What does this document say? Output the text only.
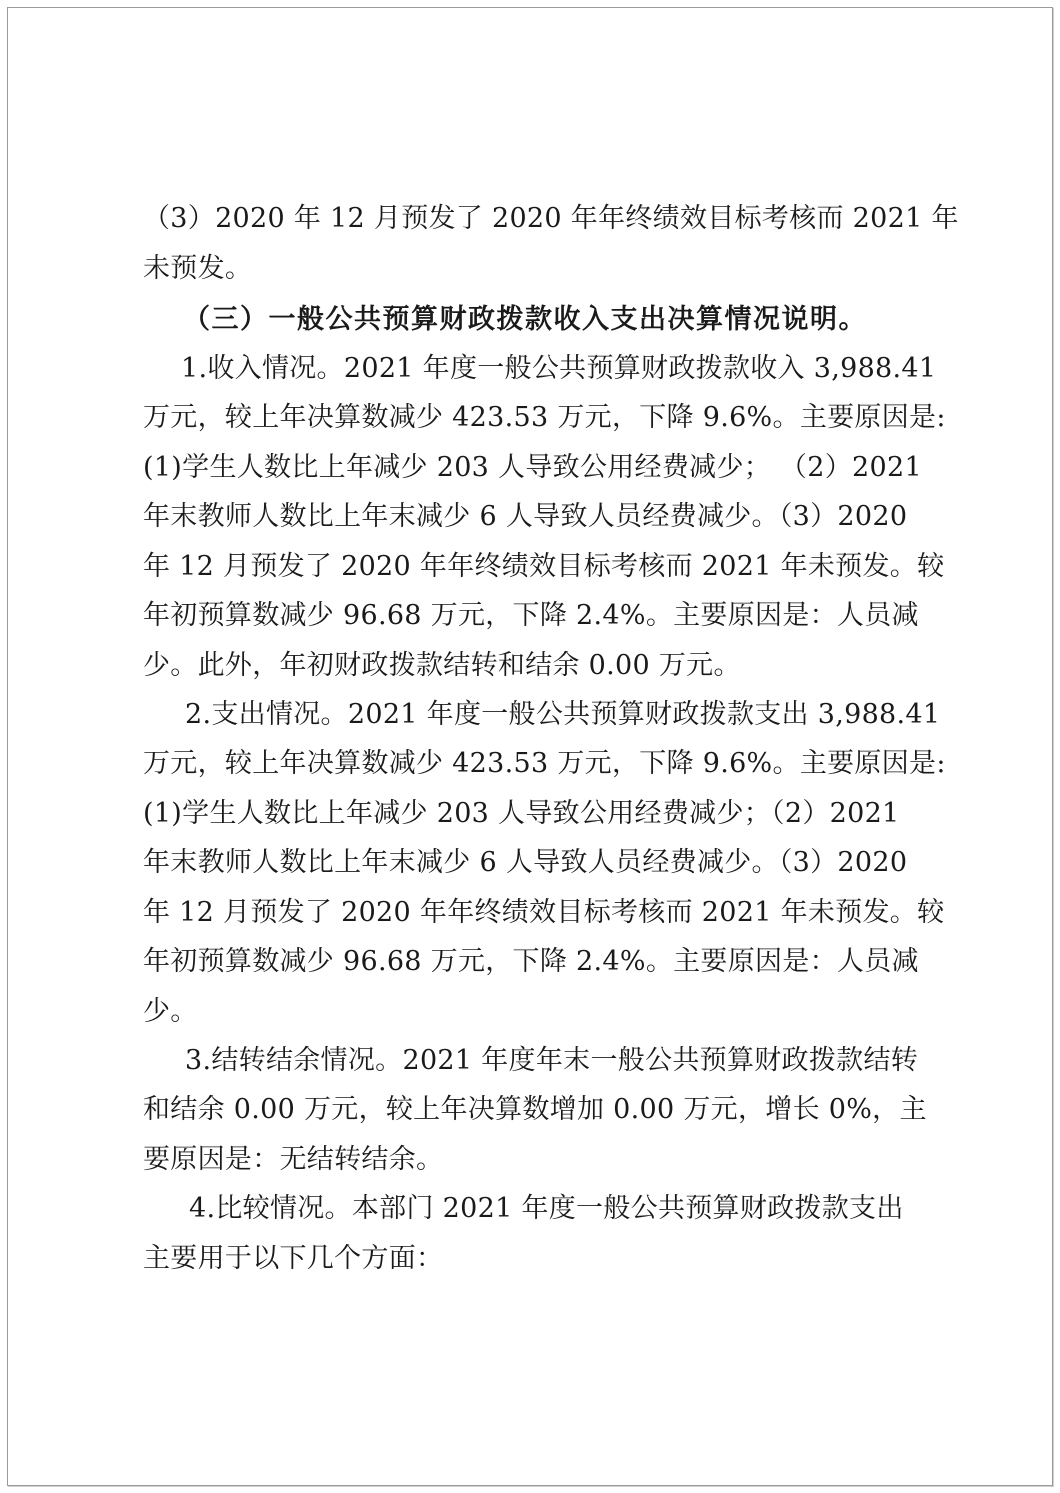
（3）2020 年 12 月预发了 2020 年年终绩效目标考核而 2021 年
未预发。
（三）一般公共预算财政拨款收入支出决算情况说明。
1.收入情况。2021 年度一般公共预算财政拨款收入 3,988.41
万元，较上年决算数减少 423.53 万元，下降 9.6%。主要原因是:
(1)学生人数比上年减少 203 人导致公用经费减少； （2）2021
年末教师人数比上年末减少 6 人导致人员经费减少。（3）2020
年 12 月预发了 2020 年年终绩效目标考核而 2021 年未预发。较
年初预算数减少 96.68 万元，下降 2.4%。主要原因是：人员减
少。此外，年初财政拨款结转和结余 0.00 万元。
2.支出情况。2021 年度一般公共预算财政拨款支出 3,988.41
万元，较上年决算数减少 423.53 万元，下降 9.6%。主要原因是:
(1)学生人数比上年减少 203 人导致公用经费减少；（2）2021
年末教师人数比上年末减少 6 人导致人员经费减少。（3）2020
年 12 月预发了 2020 年年终绩效目标考核而 2021 年未预发。较
年初预算数减少 96.68 万元，下降 2.4%。主要原因是：人员减
少。
3.结转结余情况。2021 年度年末一般公共预算财政拨款结转
和结余 0.00 万元，较上年决算数增加 0.00 万元，增长 0%，主
要原因是：无结转结余。
4.比较情况。本部门 2021 年度一般公共预算财政拨款支出
主要用于以下几个方面：
